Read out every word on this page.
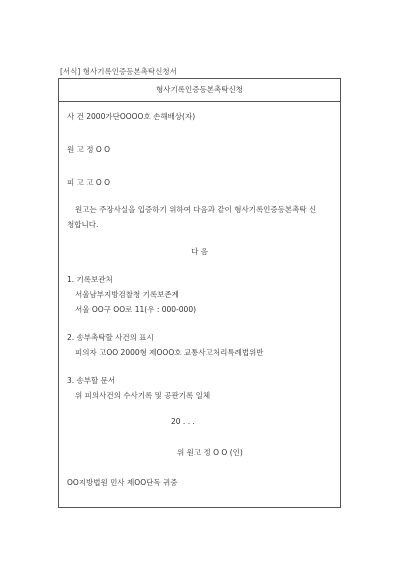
[서식] 형사기록인증등본촉탁신청서
형사기록인증등본촉탁신청
사 건 2000가단OOOO호 손해배상(자)
원 고 정 O O
피 고 고 O O
원고는 주장사실을 입증하기 위하여 다음과 같이 형사기록인증등본촉탁 신
청합니다.
다 음
1. 기록보관처
서울남부지방검찰청 기록보존계
서울 OO구 OO로 11(우 : 000-000)
2. 송부촉탁할 사건의 표시
피의자 고OO 2000형 제OOO호 교통사고처리특례법위반
3. 송부할 문서
위 피의사건의 수사기록 및 공판기록 일체
20 . . .
위 원고 정 O O (인)
OO지방법원 민사 제OO단독 귀중
